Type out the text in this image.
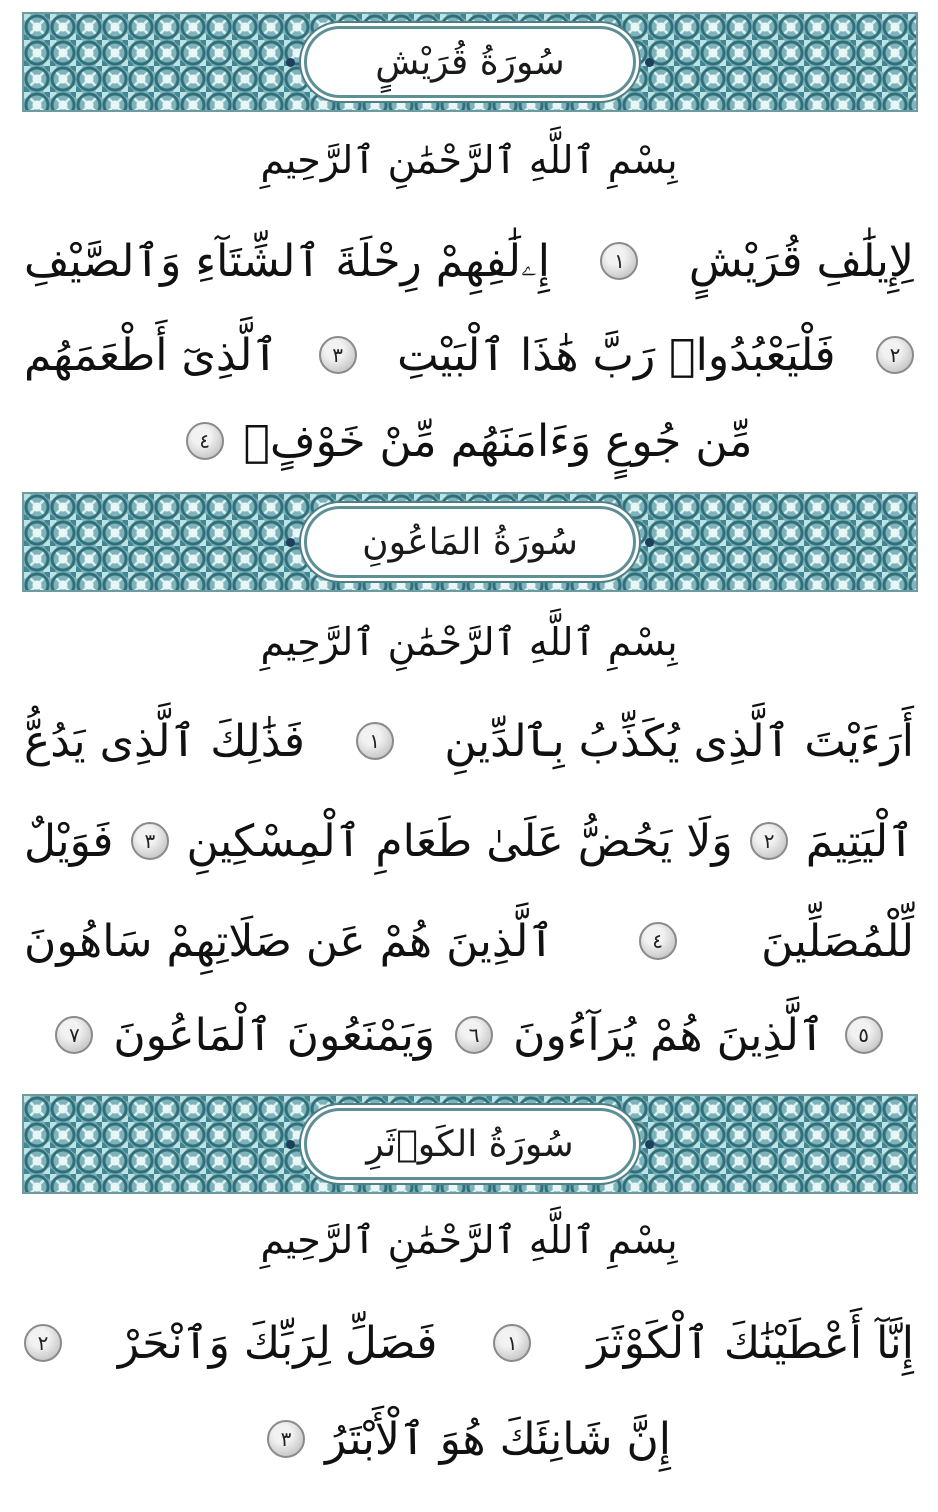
سُورَةُ قُرَيْشٍ
بِسْمِ ٱللَّهِ ٱلرَّحْمَٰنِ ٱلرَّحِيمِ
لِإِيلَٰفِ قُرَيْشٍ
١
إِۦلَٰفِهِمْ رِحْلَةَ ٱلشِّتَآءِ وَٱلصَّيْفِ
٢
فَلْيَعْبُدُوا۟ رَبَّ هَٰذَا ٱلْبَيْتِ
٣
ٱلَّذِىٓ أَطْعَمَهُم
مِّن جُوعٍ وَءَامَنَهُم مِّنْ خَوْفٍۭ
٤
سُورَةُ المَاعُونِ
بِسْمِ ٱللَّهِ ٱلرَّحْمَٰنِ ٱلرَّحِيمِ
أَرَءَيْتَ ٱلَّذِى يُكَذِّبُ بِٱلدِّينِ
١
فَذَٰلِكَ ٱلَّذِى يَدُعُّ
ٱلْيَتِيمَ
٢
وَلَا يَحُضُّ عَلَىٰ طَعَامِ ٱلْمِسْكِينِ
٣
فَوَيْلٌ
لِّلْمُصَلِّينَ
٤
ٱلَّذِينَ هُمْ عَن صَلَاتِهِمْ سَاهُونَ
٥
ٱلَّذِينَ هُمْ يُرَآءُونَ
٦
وَيَمْنَعُونَ ٱلْمَاعُونَ
٧
سُورَةُ الكَوۡثَرِ
بِسْمِ ٱللَّهِ ٱلرَّحْمَٰنِ ٱلرَّحِيمِ
إِنَّآ أَعْطَيْنَٰكَ ٱلْكَوْثَرَ
١
فَصَلِّ لِرَبِّكَ وَٱنْحَرْ
٢
إِنَّ شَانِئَكَ هُوَ ٱلْأَبْتَرُ
٣
